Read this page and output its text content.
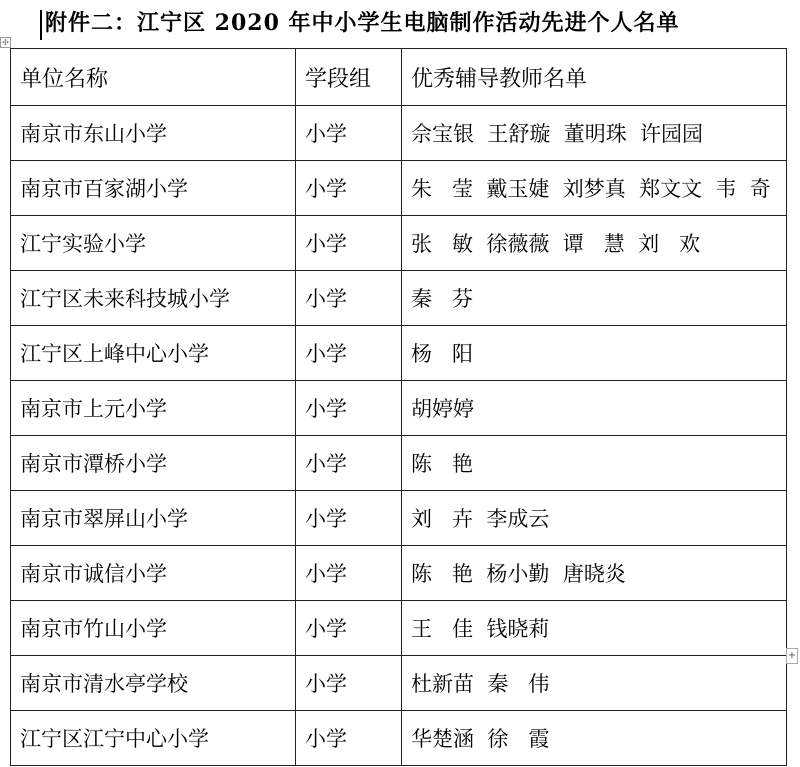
附件二：江宁区 2020 年中小学生电脑制作活动先进个人名单
✣
单位名称	学段组	优秀辅导教师名单
南京市东山小学	小学	佘宝银  王舒璇  董明珠  许园园
南京市百家湖小学	小学	朱   莹  戴玉婕  刘梦真  郑文文  韦  奇
江宁实验小学	小学	张   敏  徐薇薇  谭   慧  刘   欢
江宁区未来科技城小学	小学	秦   芬
江宁区上峰中心小学	小学	杨   阳
南京市上元小学	小学	胡婷婷
南京市潭桥小学	小学	陈   艳
南京市翠屏山小学	小学	刘   卉  李成云
南京市诚信小学	小学	陈   艳  杨小勤  唐晓炎
南京市竹山小学	小学	王   佳  钱晓莉
南京市清水亭学校	小学	杜新苗  秦   伟
江宁区江宁中心小学	小学	华楚涵  徐   霞
+
